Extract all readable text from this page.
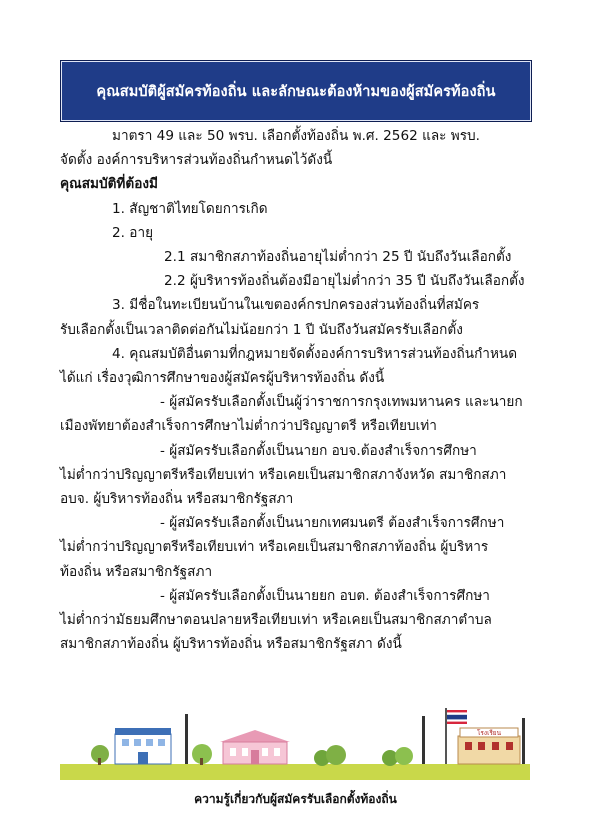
คุณสมบัติผู้สมัครท้องถิ่น และลักษณะต้องห้ามของผู้สมัครท้องถิ่น
มาตรา 49 และ 50 พรบ. เลือกตั้งท้องถิ่น พ.ศ. 2562 และ พรบ.
จัดตั้ง องค์การบริหารส่วนท้องถิ่นกำหนดไว้ดังนี้
คุณสมบัติที่ต้องมี
1. สัญชาติไทยโดยการเกิด
2. อายุ
2.1 สมาชิกสภาท้องถิ่นอายุไม่ต่ำกว่า 25 ปี นับถึงวันเลือกตั้ง
2.2 ผู้บริหารท้องถิ่นต้องมีอายุไม่ต่ำกว่า 35 ปี นับถึงวันเลือกตั้ง
3. มีชื่อในทะเบียนบ้านในเขตองค์กรปกครองส่วนท้องถิ่นที่สมัคร
รับเลือกตั้งเป็นเวลาติดต่อกันไม่น้อยกว่า 1 ปี นับถึงวันสมัครรับเลือกตั้ง
4. คุณสมบัติอื่นตามที่กฎหมายจัดตั้งองค์การบริหารส่วนท้องถิ่นกำหนด
ได้แก่ เรื่องวุฒิการศึกษาของผู้สมัครผู้บริหารท้องถิ่น ดังนี้
- ผู้สมัครรับเลือกตั้งเป็นผู้ว่าราชการกรุงเทพมหานคร และนายก
เมืองพัทยาต้องสำเร็จการศึกษาไม่ต่ำกว่าปริญญาตรี หรือเทียบเท่า
- ผู้สมัครรับเลือกตั้งเป็นนายก อบจ.ต้องสำเร็จการศึกษา
ไม่ต่ำกว่าปริญญาตรีหรือเทียบเท่า หรือเคยเป็นสมาชิกสภาจังหวัด สมาชิกสภา
อบจ. ผู้บริหารท้องถิ่น หรือสมาชิกรัฐสภา
- ผู้สมัครรับเลือกตั้งเป็นนายกเทศมนตรี ต้องสำเร็จการศึกษา
ไม่ต่ำกว่าปริญญาตรีหรือเทียบเท่า หรือเคยเป็นสมาชิกสภาท้องถิ่น ผู้บริหาร
ท้องถิ่น หรือสมาชิกรัฐสภา
- ผู้สมัครรับเลือกตั้งเป็นนายยก อบต. ต้องสำเร็จการศึกษา
ไม่ต่ำกว่ามัธยมศึกษาตอนปลายหรือเทียบเท่า หรือเคยเป็นสมาชิกสภาตำบล
สมาชิกสภาท้องถิ่น ผู้บริหารท้องถิ่น หรือสมาชิกรัฐสภา ดังนี้
โรงเรียน
ความรู้เกี่ยวกับผู้สมัครรับเลือกตั้งท้องถิ่น
